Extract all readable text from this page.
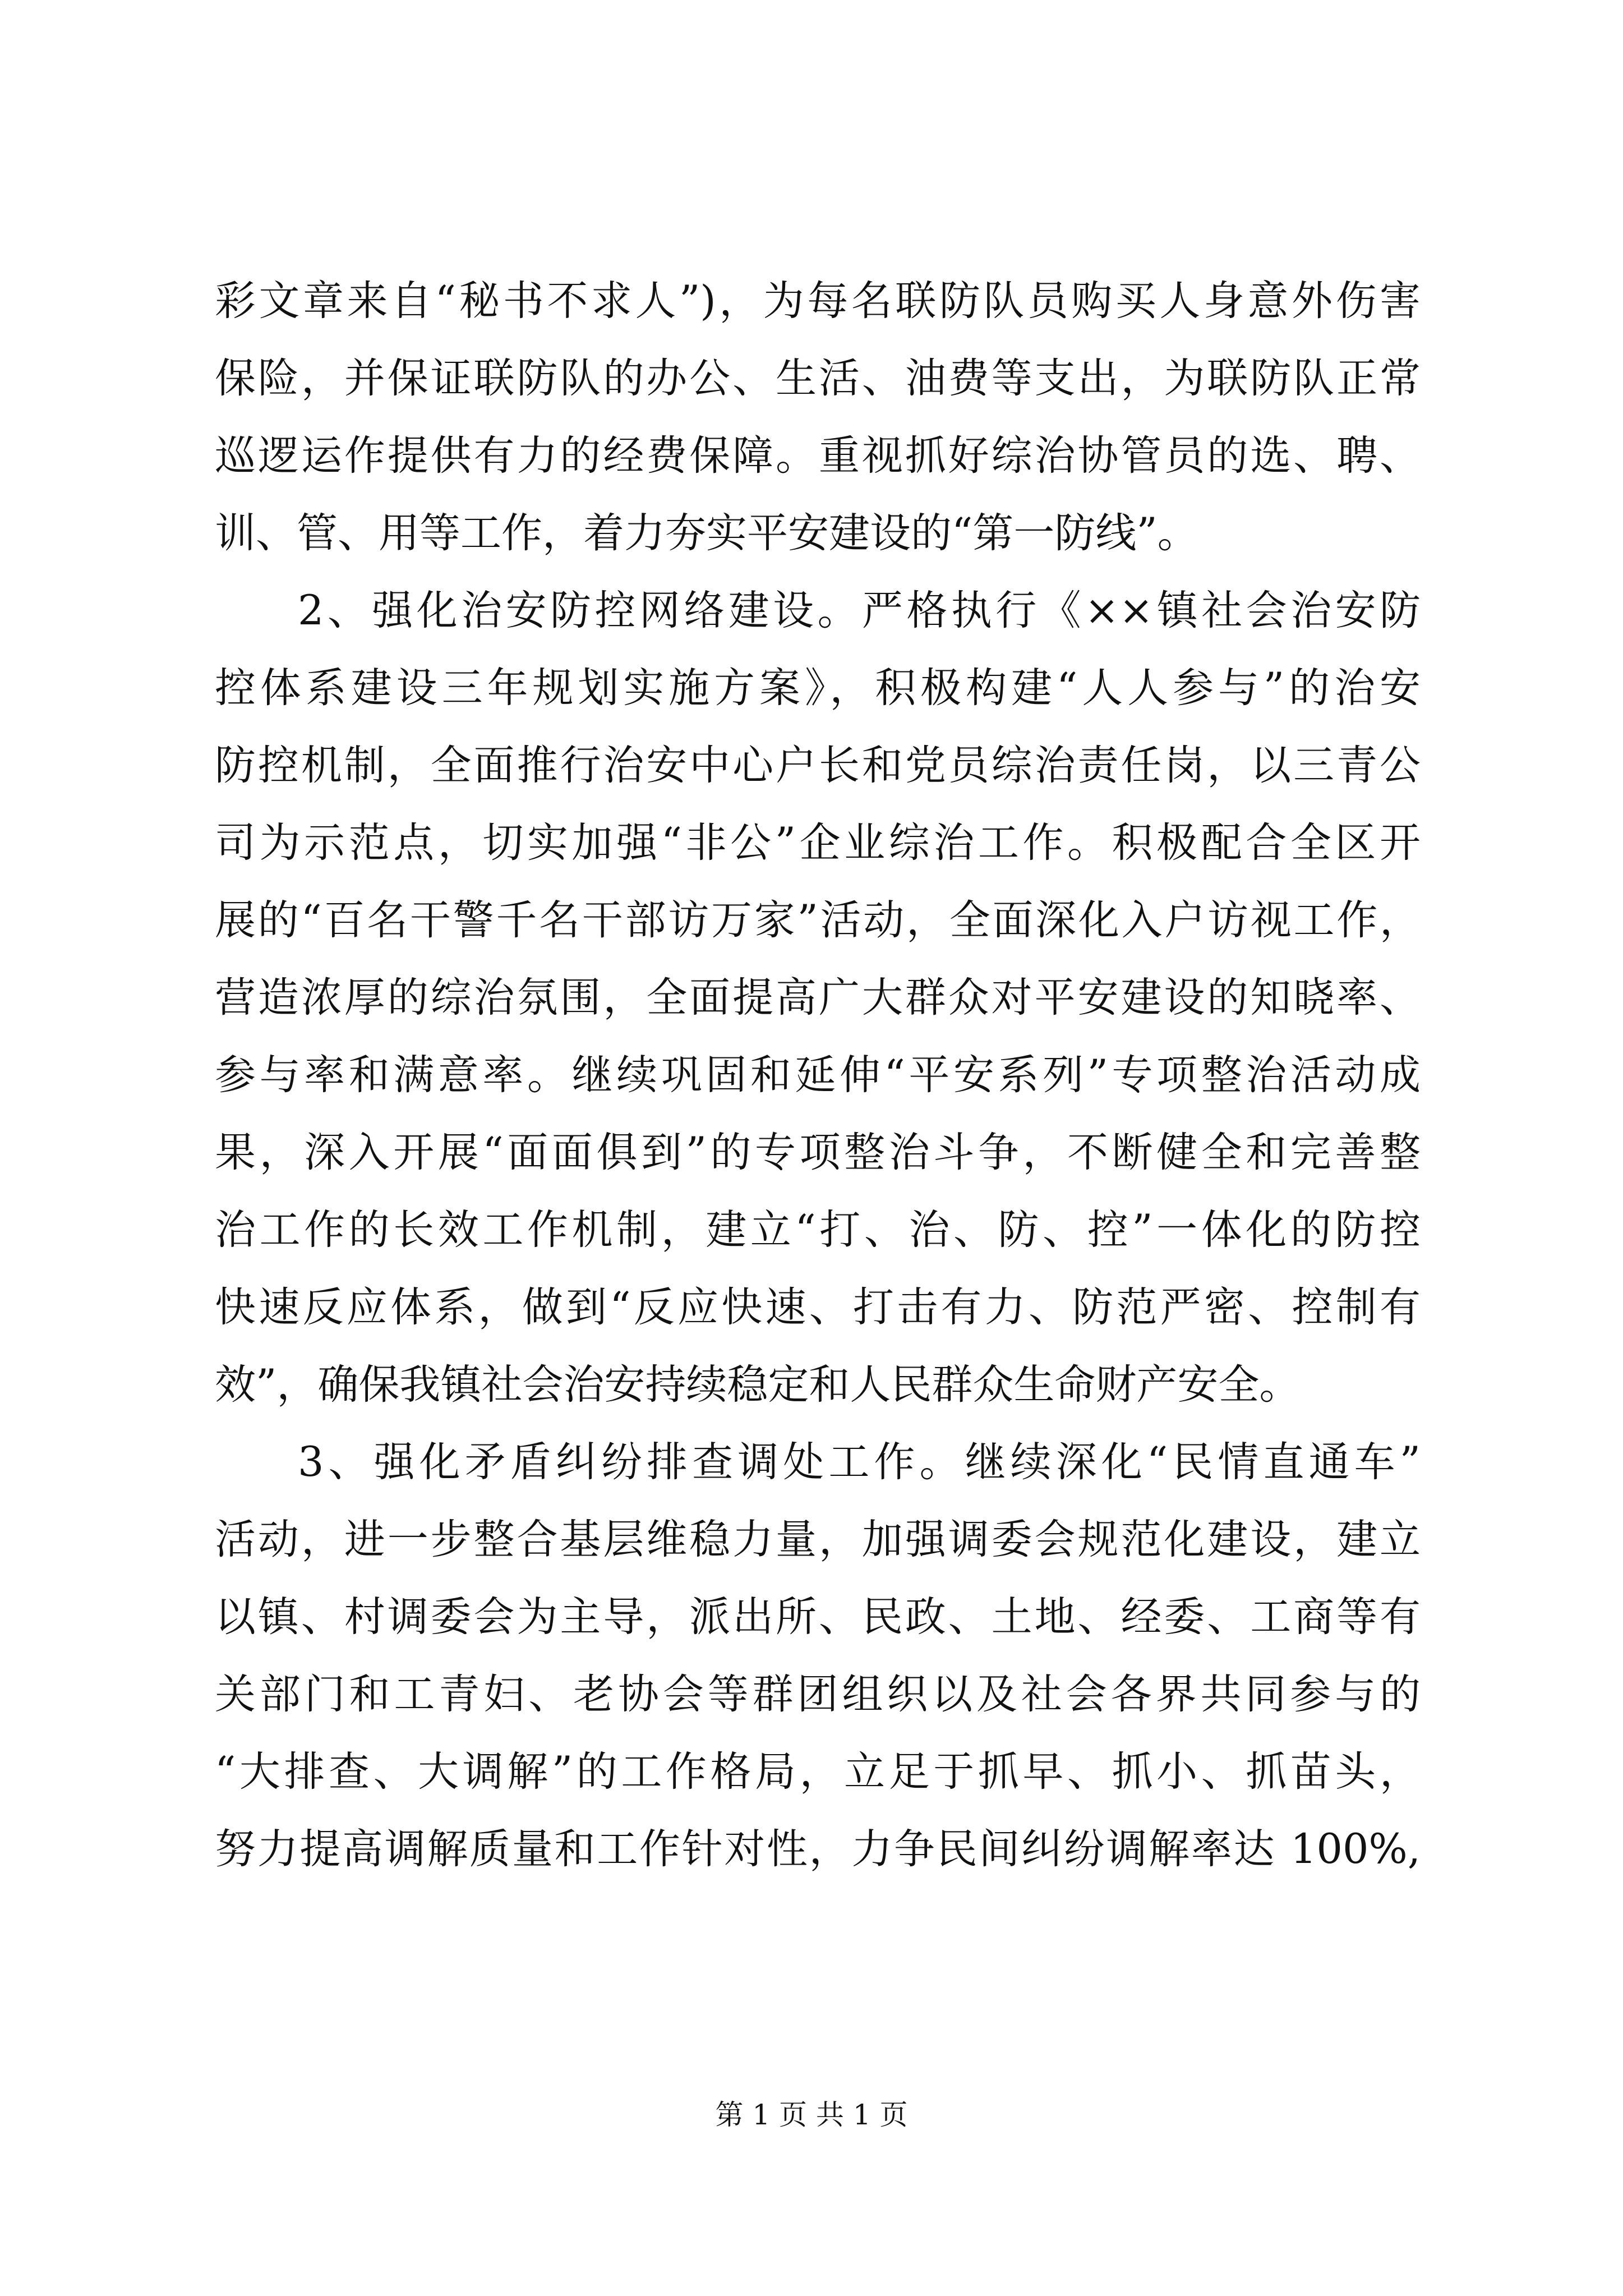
彩文章来自“秘书不求人”)，为每名联防队员购买人身意外伤害
保险，并保证联防队的办公、生活、油费等支出，为联防队正常
巡逻运作提供有力的经费保障。重视抓好综治协管员的选、聘、
训、管、用等工作，着力夯实平安建设的“第一防线”。
2、强化治安防控网络建设。严格执行《××镇社会治安防
控体系建设三年规划实施方案》，积极构建“人人参与”的治安
防控机制，全面推行治安中心户长和党员综治责任岗，以三青公
司为示范点，切实加强“非公”企业综治工作。积极配合全区开
展的“百名干警千名干部访万家”活动，全面深化入户访视工作，
营造浓厚的综治氛围，全面提高广大群众对平安建设的知晓率、
参与率和满意率。继续巩固和延伸“平安系列”专项整治活动成
果，深入开展“面面俱到”的专项整治斗争，不断健全和完善整
治工作的长效工作机制，建立“打、治、防、控”一体化的防控
快速反应体系，做到“反应快速、打击有力、防范严密、控制有
效”，确保我镇社会治安持续稳定和人民群众生命财产安全。
3、强化矛盾纠纷排查调处工作。继续深化“民情直通车”
活动，进一步整合基层维稳力量，加强调委会规范化建设，建立
以镇、村调委会为主导，派出所、民政、土地、经委、工商等有
关部门和工青妇、老协会等群团组织以及社会各界共同参与的
“大排查、大调解”的工作格局，立足于抓早、抓小、抓苗头，
努力提高调解质量和工作针对性，力争民间纠纷调解率达 100%,
第 1 页 共 1 页
